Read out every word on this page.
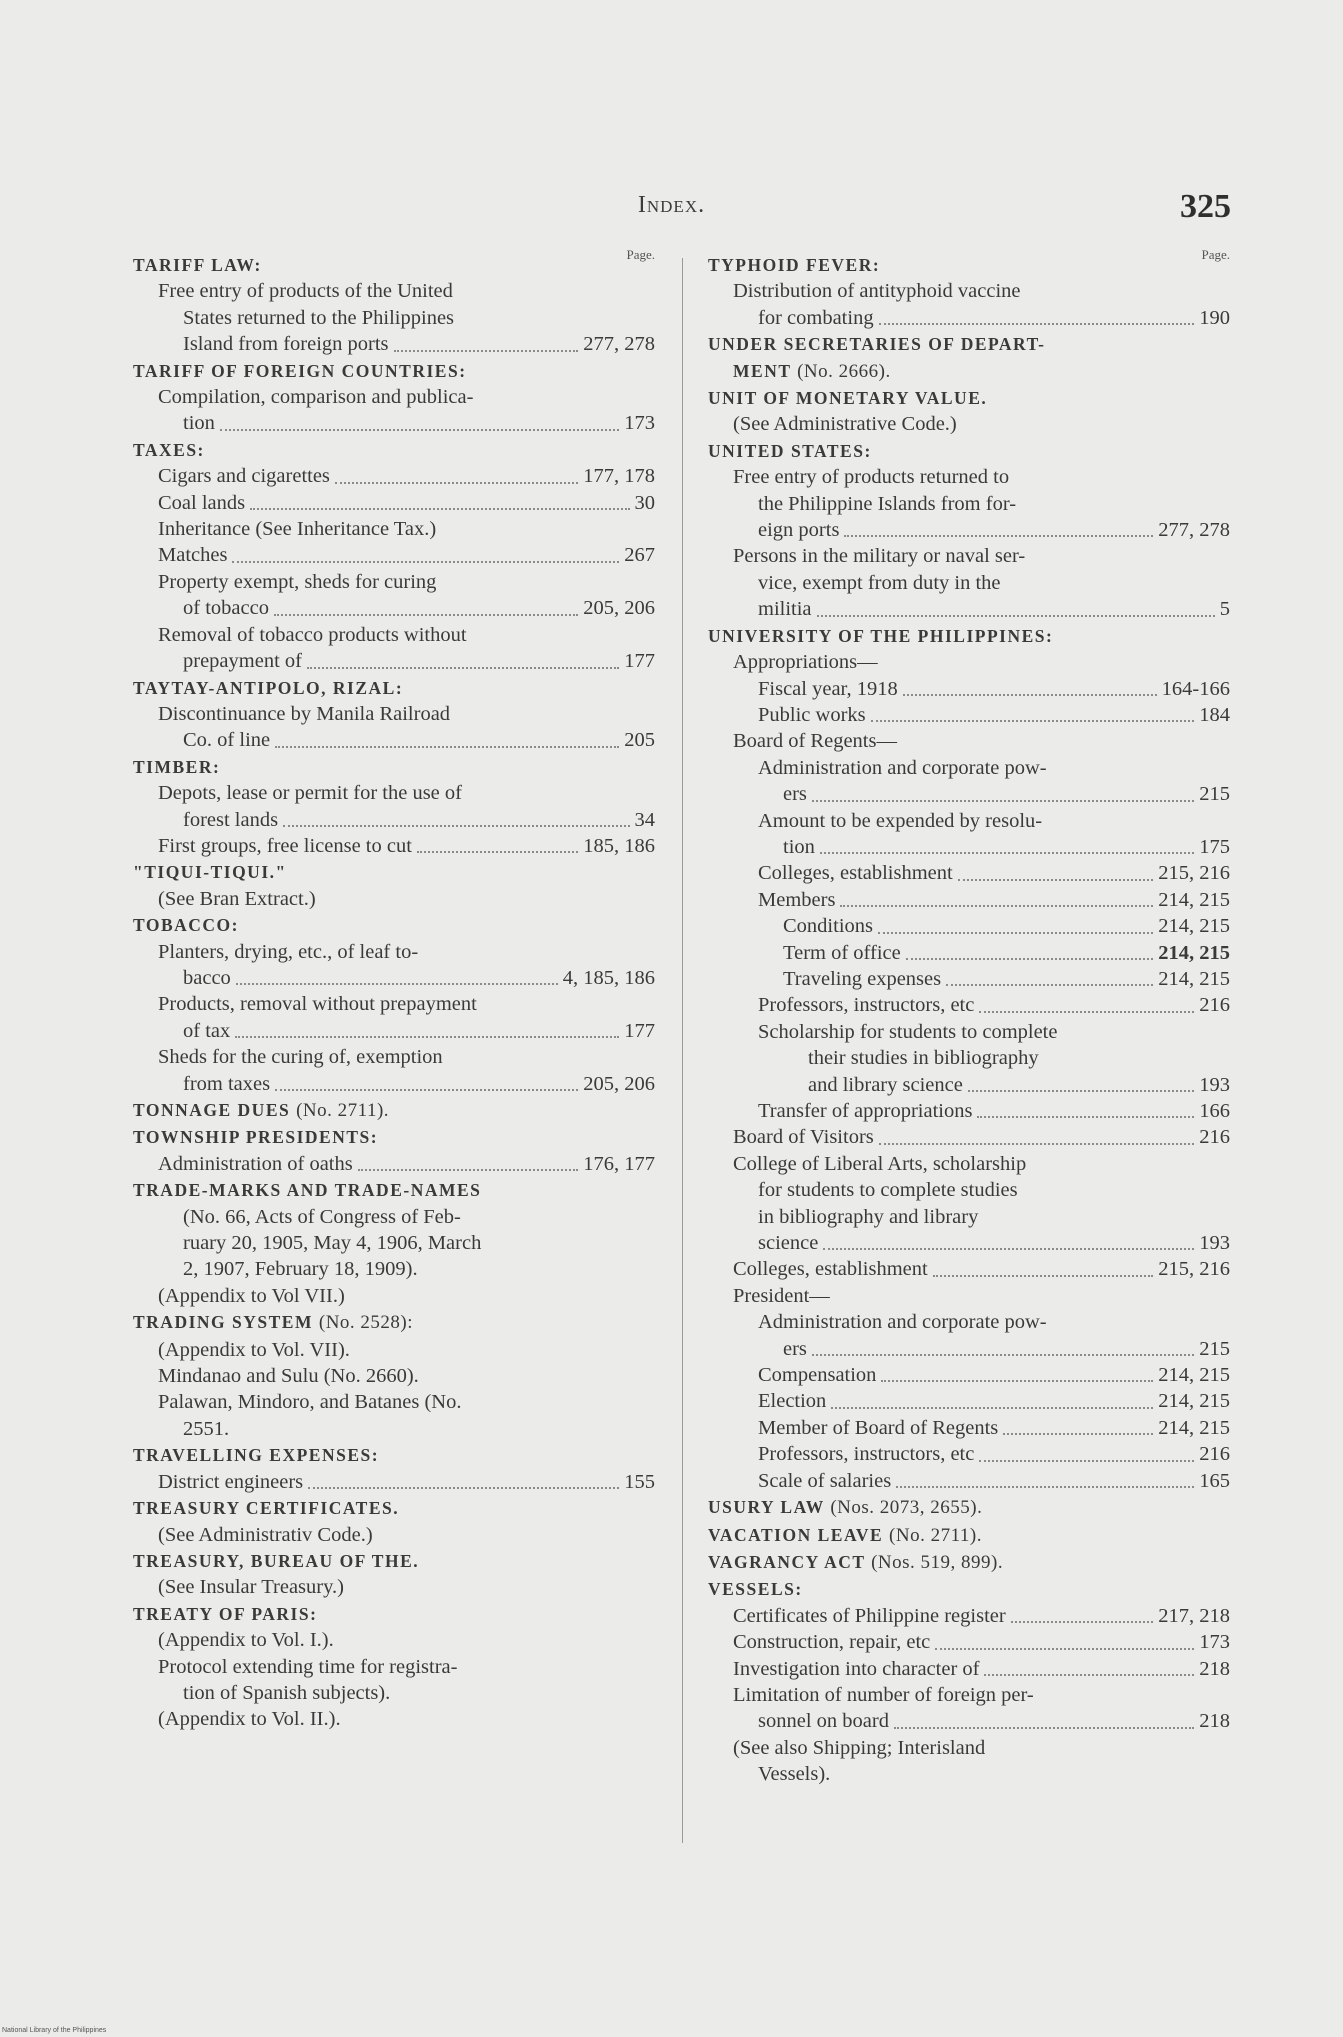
Index.	325
Page.
TARIFF LAW:
Free entry of products of the United
States returned to the Philippines
Island from foreign ports	277, 278
TARIFF OF FOREIGN COUNTRIES:
Compilation, comparison and publica-
tion	173
TAXES:
Cigars and cigarettes	177, 178
Coal lands	30
Inheritance (See Inheritance Tax.)
Matches	267
Property exempt, sheds for curing
of tobacco	205, 206
Removal of tobacco products without
prepayment of	177
TAYTAY-ANTIPOLO, RIZAL:
Discontinuance by Manila Railroad
Co. of line	205
TIMBER:
Depots, lease or permit for the use of
forest lands	34
First groups, free license to cut	185, 186
"TIQUI-TIQUI."
(See Bran Extract.)
TOBACCO:
Planters, drying, etc., of leaf to-
bacco	4, 185, 186
Products, removal without prepayment
of tax	177
Sheds for the curing of, exemption
from taxes	205, 206
TONNAGE DUES (No. 2711).
TOWNSHIP PRESIDENTS:
Administration of oaths	176, 177
TRADE-MARKS AND TRADE-NAMES
(No. 66, Acts of Congress of Feb-
ruary 20, 1905, May 4, 1906, March
2, 1907, February 18, 1909).
(Appendix to Vol VII.)
TRADING SYSTEM (No. 2528):
(Appendix to Vol. VII).
Mindanao and Sulu (No. 2660).
Palawan, Mindoro, and Batanes (No.
2551.
TRAVELLING EXPENSES:
District engineers	155
TREASURY CERTIFICATES.
(See Administrativ Code.)
TREASURY, BUREAU OF THE.
(See Insular Treasury.)
TREATY OF PARIS:
(Appendix to Vol. I.).
Protocol extending time for registra-
tion of Spanish subjects).
(Appendix to Vol. II.).
Page.
TYPHOID FEVER:
Distribution of antityphoid vaccine
for combating	190
UNDER SECRETARIES OF DEPART-
MENT (No. 2666).
UNIT OF MONETARY VALUE.
(See Administrative Code.)
UNITED STATES:
Free entry of products returned to
the Philippine Islands from for-
eign ports	277, 278
Persons in the military or naval ser-
vice, exempt from duty in the
militia	5
UNIVERSITY OF THE PHILIPPINES:
Appropriations—
Fiscal year, 1918	164-166
Public works	184
Board of Regents—
Administration and corporate pow-
ers	215
Amount to be expended by resolu-
tion	175
Colleges, establishment	215, 216
Members	214, 215
Conditions	214, 215
Term of office	214, 215
Traveling expenses	214, 215
Professors, instructors, etc	216
Scholarship for students to complete
their studies in bibliography
and library science	193
Transfer of appropriations	166
Board of Visitors	216
College of Liberal Arts, scholarship
for students to complete studies
in bibliography and library
science	193
Colleges, establishment	215, 216
President—
Administration and corporate pow-
ers	215
Compensation	214, 215
Election	214, 215
Member of Board of Regents	214, 215
Professors, instructors, etc	216
Scale of salaries	165
USURY LAW (Nos. 2073, 2655).
VACATION LEAVE (No. 2711).
VAGRANCY ACT (Nos. 519, 899).
VESSELS:
Certificates of Philippine register	217, 218
Construction, repair, etc	173
Investigation into character of	218
Limitation of number of foreign per-
sonnel on board	218
(See also Shipping; Interisland
Vessels).
National Library of the Philippines
